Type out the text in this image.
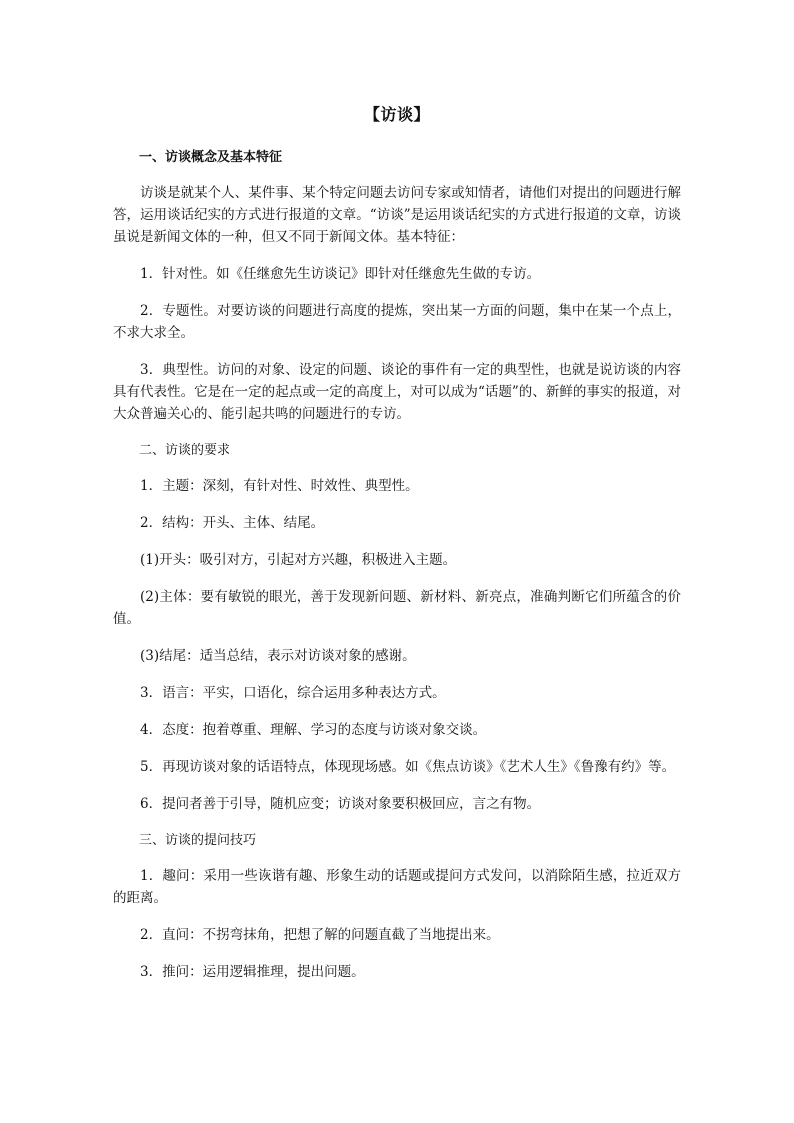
【访谈】
一、访谈概念及基本特征

访谈是就某个人、某件事、某个特定问题去访问专家或知情者，请他们对提出的问题进行解答，运用谈话纪实的方式进行报道的文章。“访谈”是运用谈话纪实的方式进行报道的文章，访谈虽说是新闻文体的一种，但又不同于新闻文体。基本特征：

1．针对性。如《任继愈先生访谈记》即针对任继愈先生做的专访。

2．专题性。对要访谈的问题进行高度的提炼，突出某一方面的问题，集中在某一个点上，不求大求全。

3．典型性。访问的对象、设定的问题、谈论的事件有一定的典型性，也就是说访谈的内容具有代表性。它是在一定的起点或一定的高度上，对可以成为“话题”的、新鲜的事实的报道，对大众普遍关心的、能引起共鸣的问题进行的专访。

二、访谈的要求

1．主题：深刻，有针对性、时效性、典型性。

2．结构：开头、主体、结尾。

(1)开头：吸引对方，引起对方兴趣，积极进入主题。

(2)主体：要有敏锐的眼光，善于发现新问题、新材料、新亮点，准确判断它们所蕴含的价值。

(3)结尾：适当总结，表示对访谈对象的感谢。

3．语言：平实，口语化，综合运用多种表达方式。

4．态度：抱着尊重、理解、学习的态度与访谈对象交谈。

5．再现访谈对象的话语特点，体现现场感。如《焦点访谈》《艺术人生》《鲁豫有约》等。

6．提问者善于引导，随机应变；访谈对象要积极回应，言之有物。

三、访谈的提问技巧

1．趣问：采用一些诙谐有趣、形象生动的话题或提问方式发问，以消除陌生感，拉近双方的距离。

2．直问：不拐弯抹角，把想了解的问题直截了当地提出来。

3．推问：运用逻辑推理，提出问题。
